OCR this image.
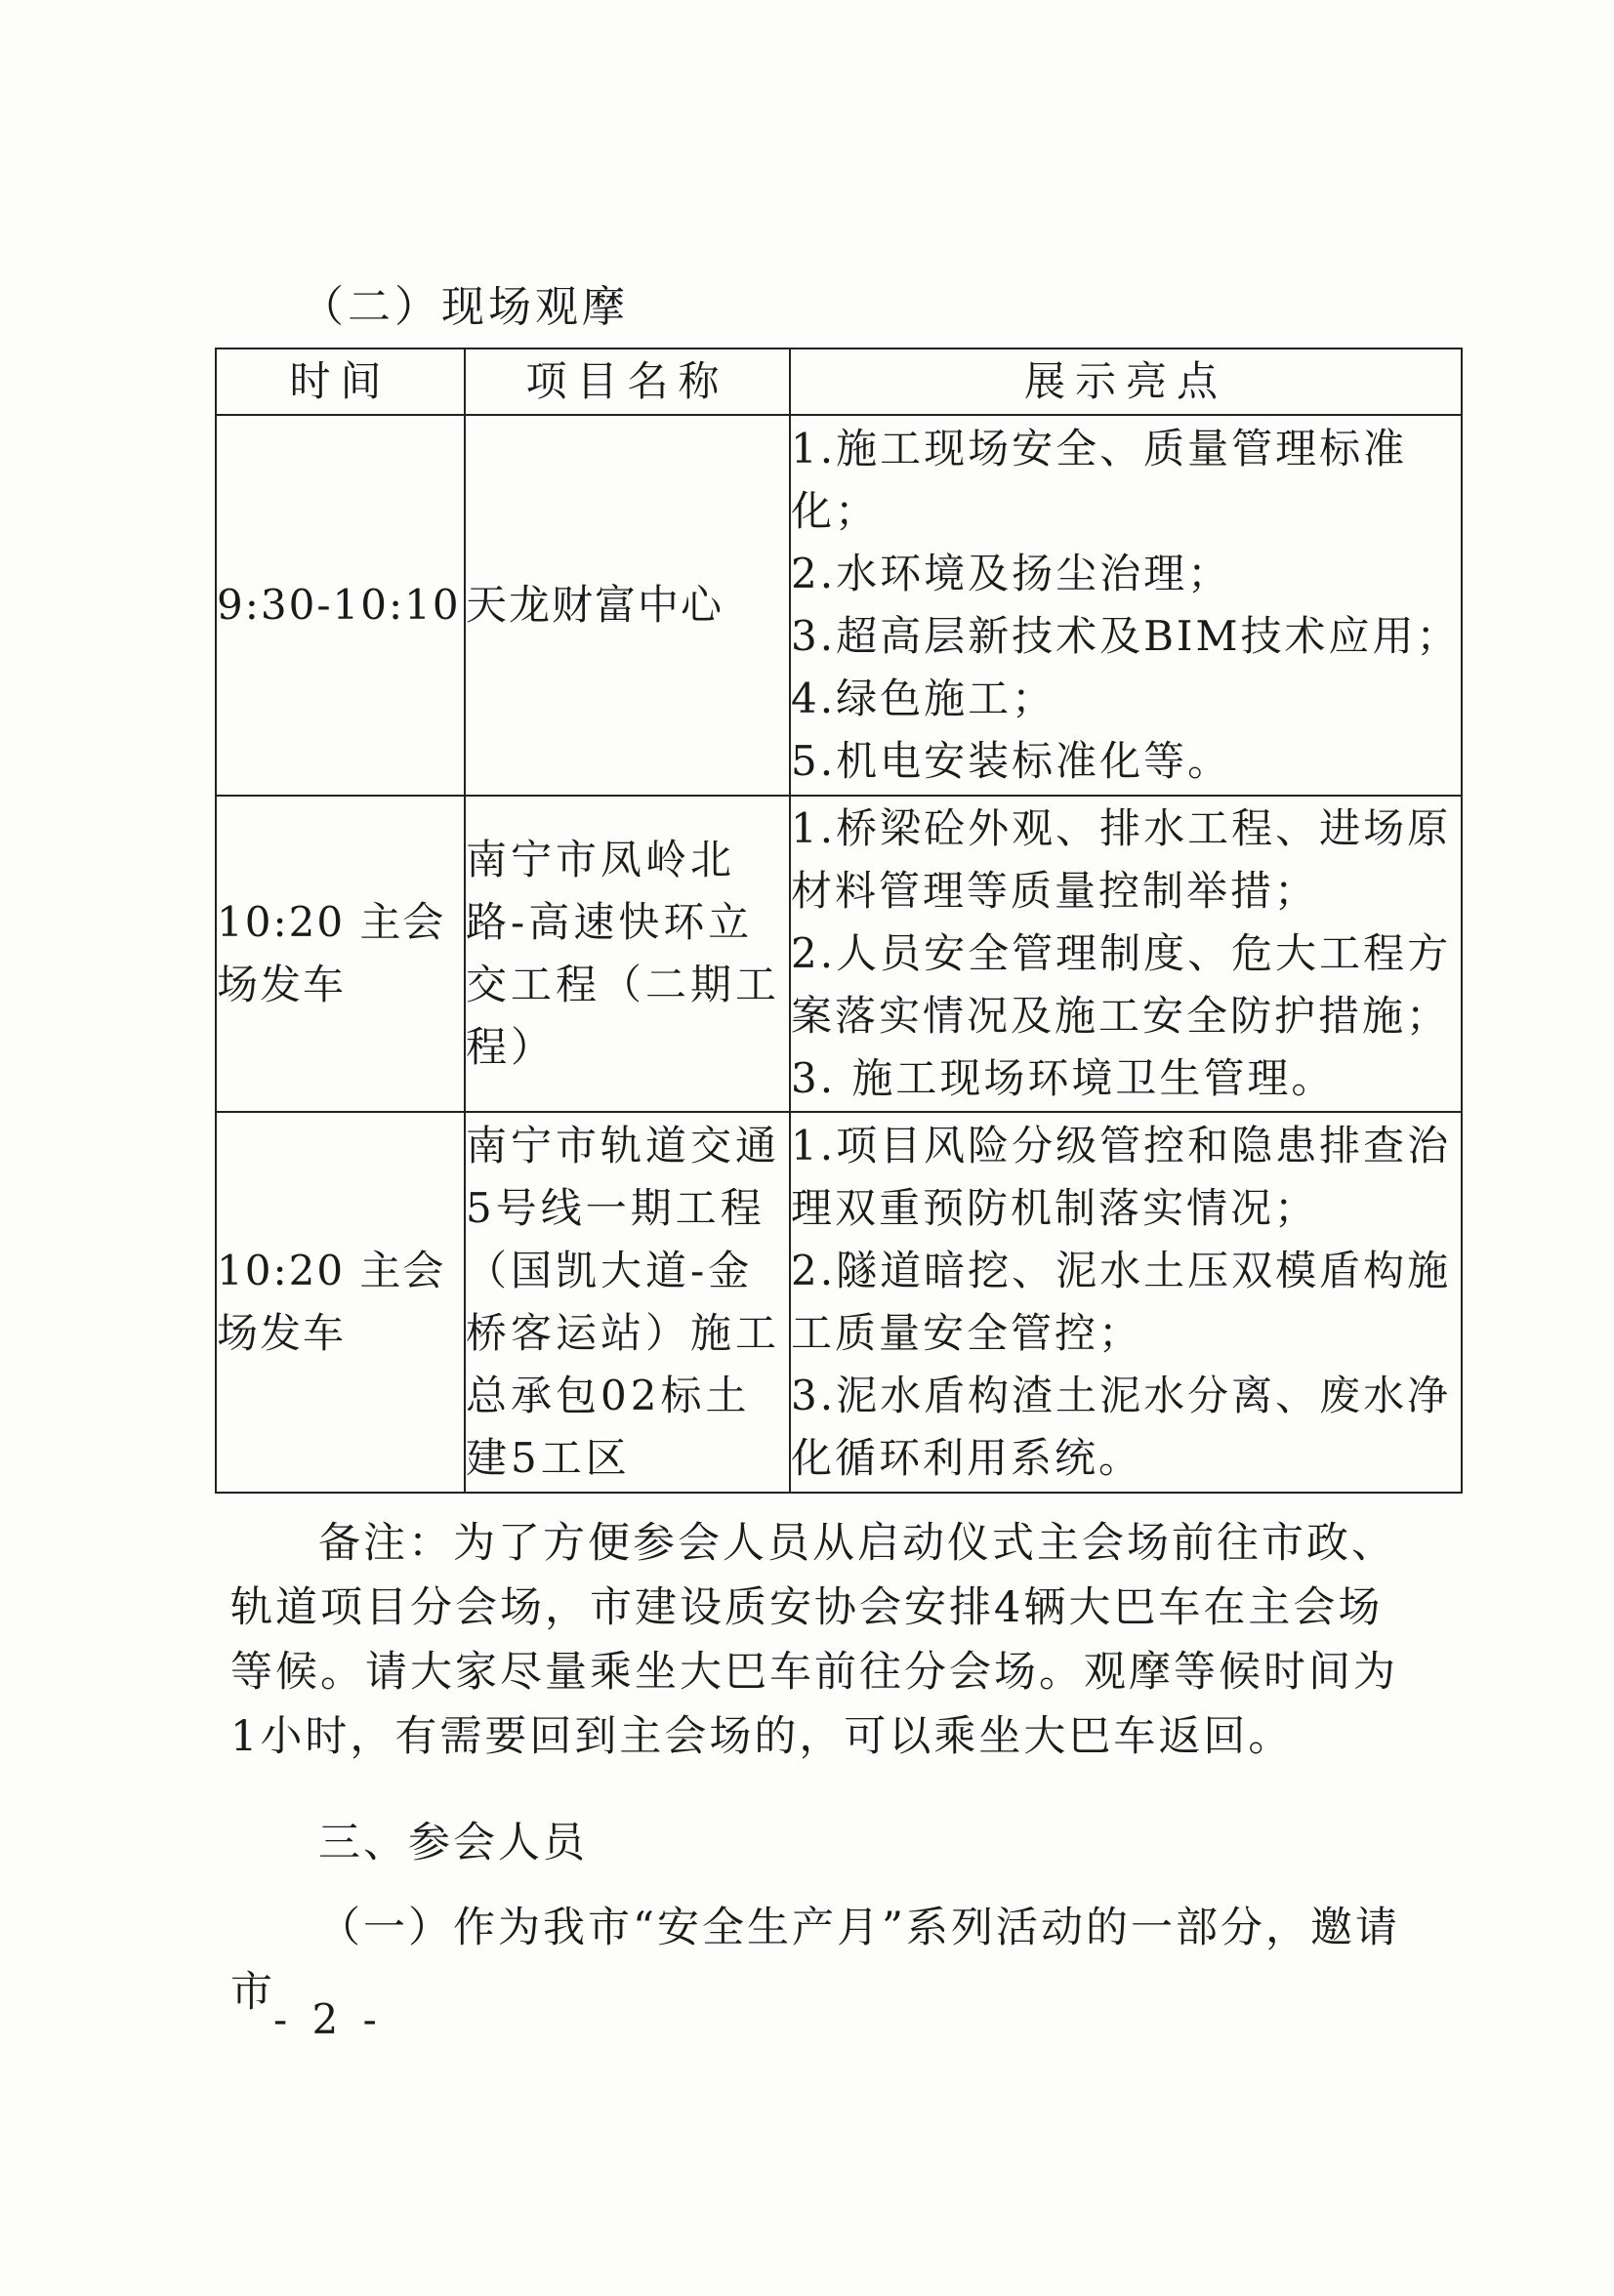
（二）现场观摩
时间	项目名称	展示亮点
9:30-10:10	天龙财富中心	1.施工现场安全、质量管理标准化；
2.水环境及扬尘治理；
3.超高层新技术及BIM技术应用；
4.绿色施工；
5.机电安装标准化等。

10:20 主会场发车	南宁市凤岭北路-高速快环立交工程（二期工程）	1.桥梁砼外观、排水工程、进场原材料管理等质量控制举措；
2.人员安全管理制度、危大工程方案落实情况及施工安全防护措施；
3. 施工现场环境卫生管理。

10:20 主会场发车	南宁市轨道交通5号线一期工程（国凯大道-金桥客运站）施工总承包02标土建5工区	1.项目风险分级管控和隐患排查治理双重预防机制落实情况；
2.隧道暗挖、泥水土压双模盾构施工质量安全管控；
3.泥水盾构渣土泥水分离、废水净化循环利用系统。

备注：为了方便参会人员从启动仪式主会场前往市政、轨道项目分会场，市建设质安协会安排4辆大巴车在主会场等候。请大家尽量乘坐大巴车前往分会场。观摩等候时间为1小时，有需要回到主会场的，可以乘坐大巴车返回。

三、参会人员

（一）作为我市“安全生产月”系列活动的一部分，邀请市

- 2 -
